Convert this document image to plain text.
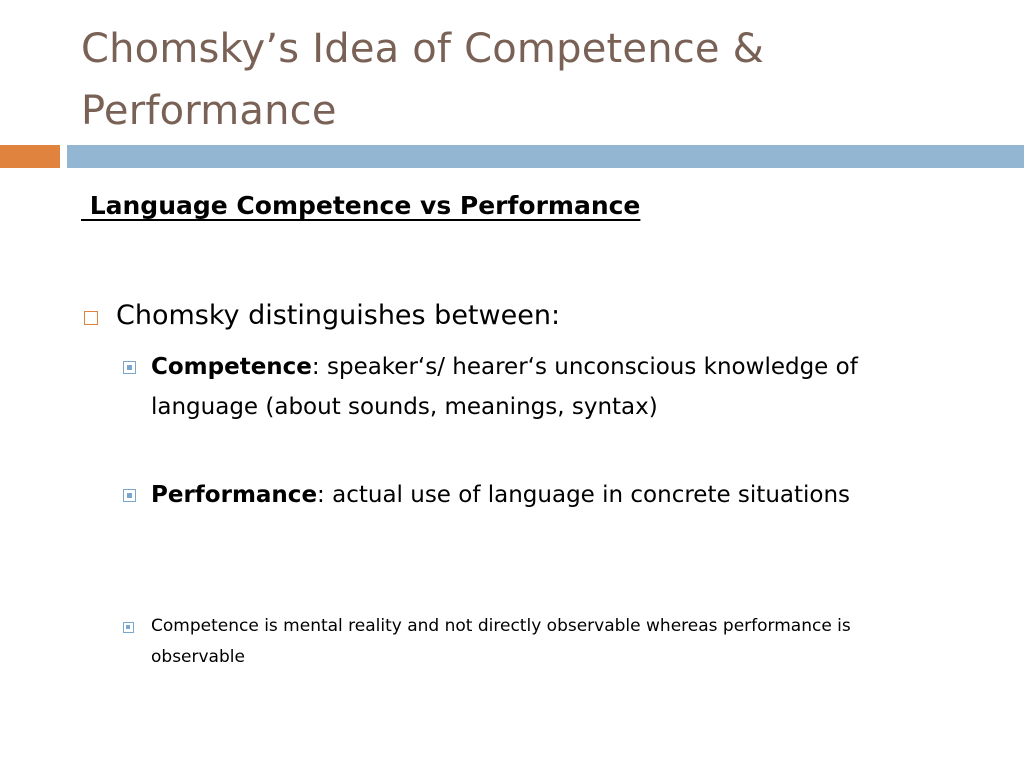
Chomsky’s Idea of Competence & Performance
Language Competence vs Performance
Chomsky distinguishes between:
Competence: speaker‘s/ hearer‘s unconscious knowledge of language (about sounds, meanings, syntax)
Performance: actual use of language in concrete situations
Competence is mental reality and not directly observable whereas performance is observable
